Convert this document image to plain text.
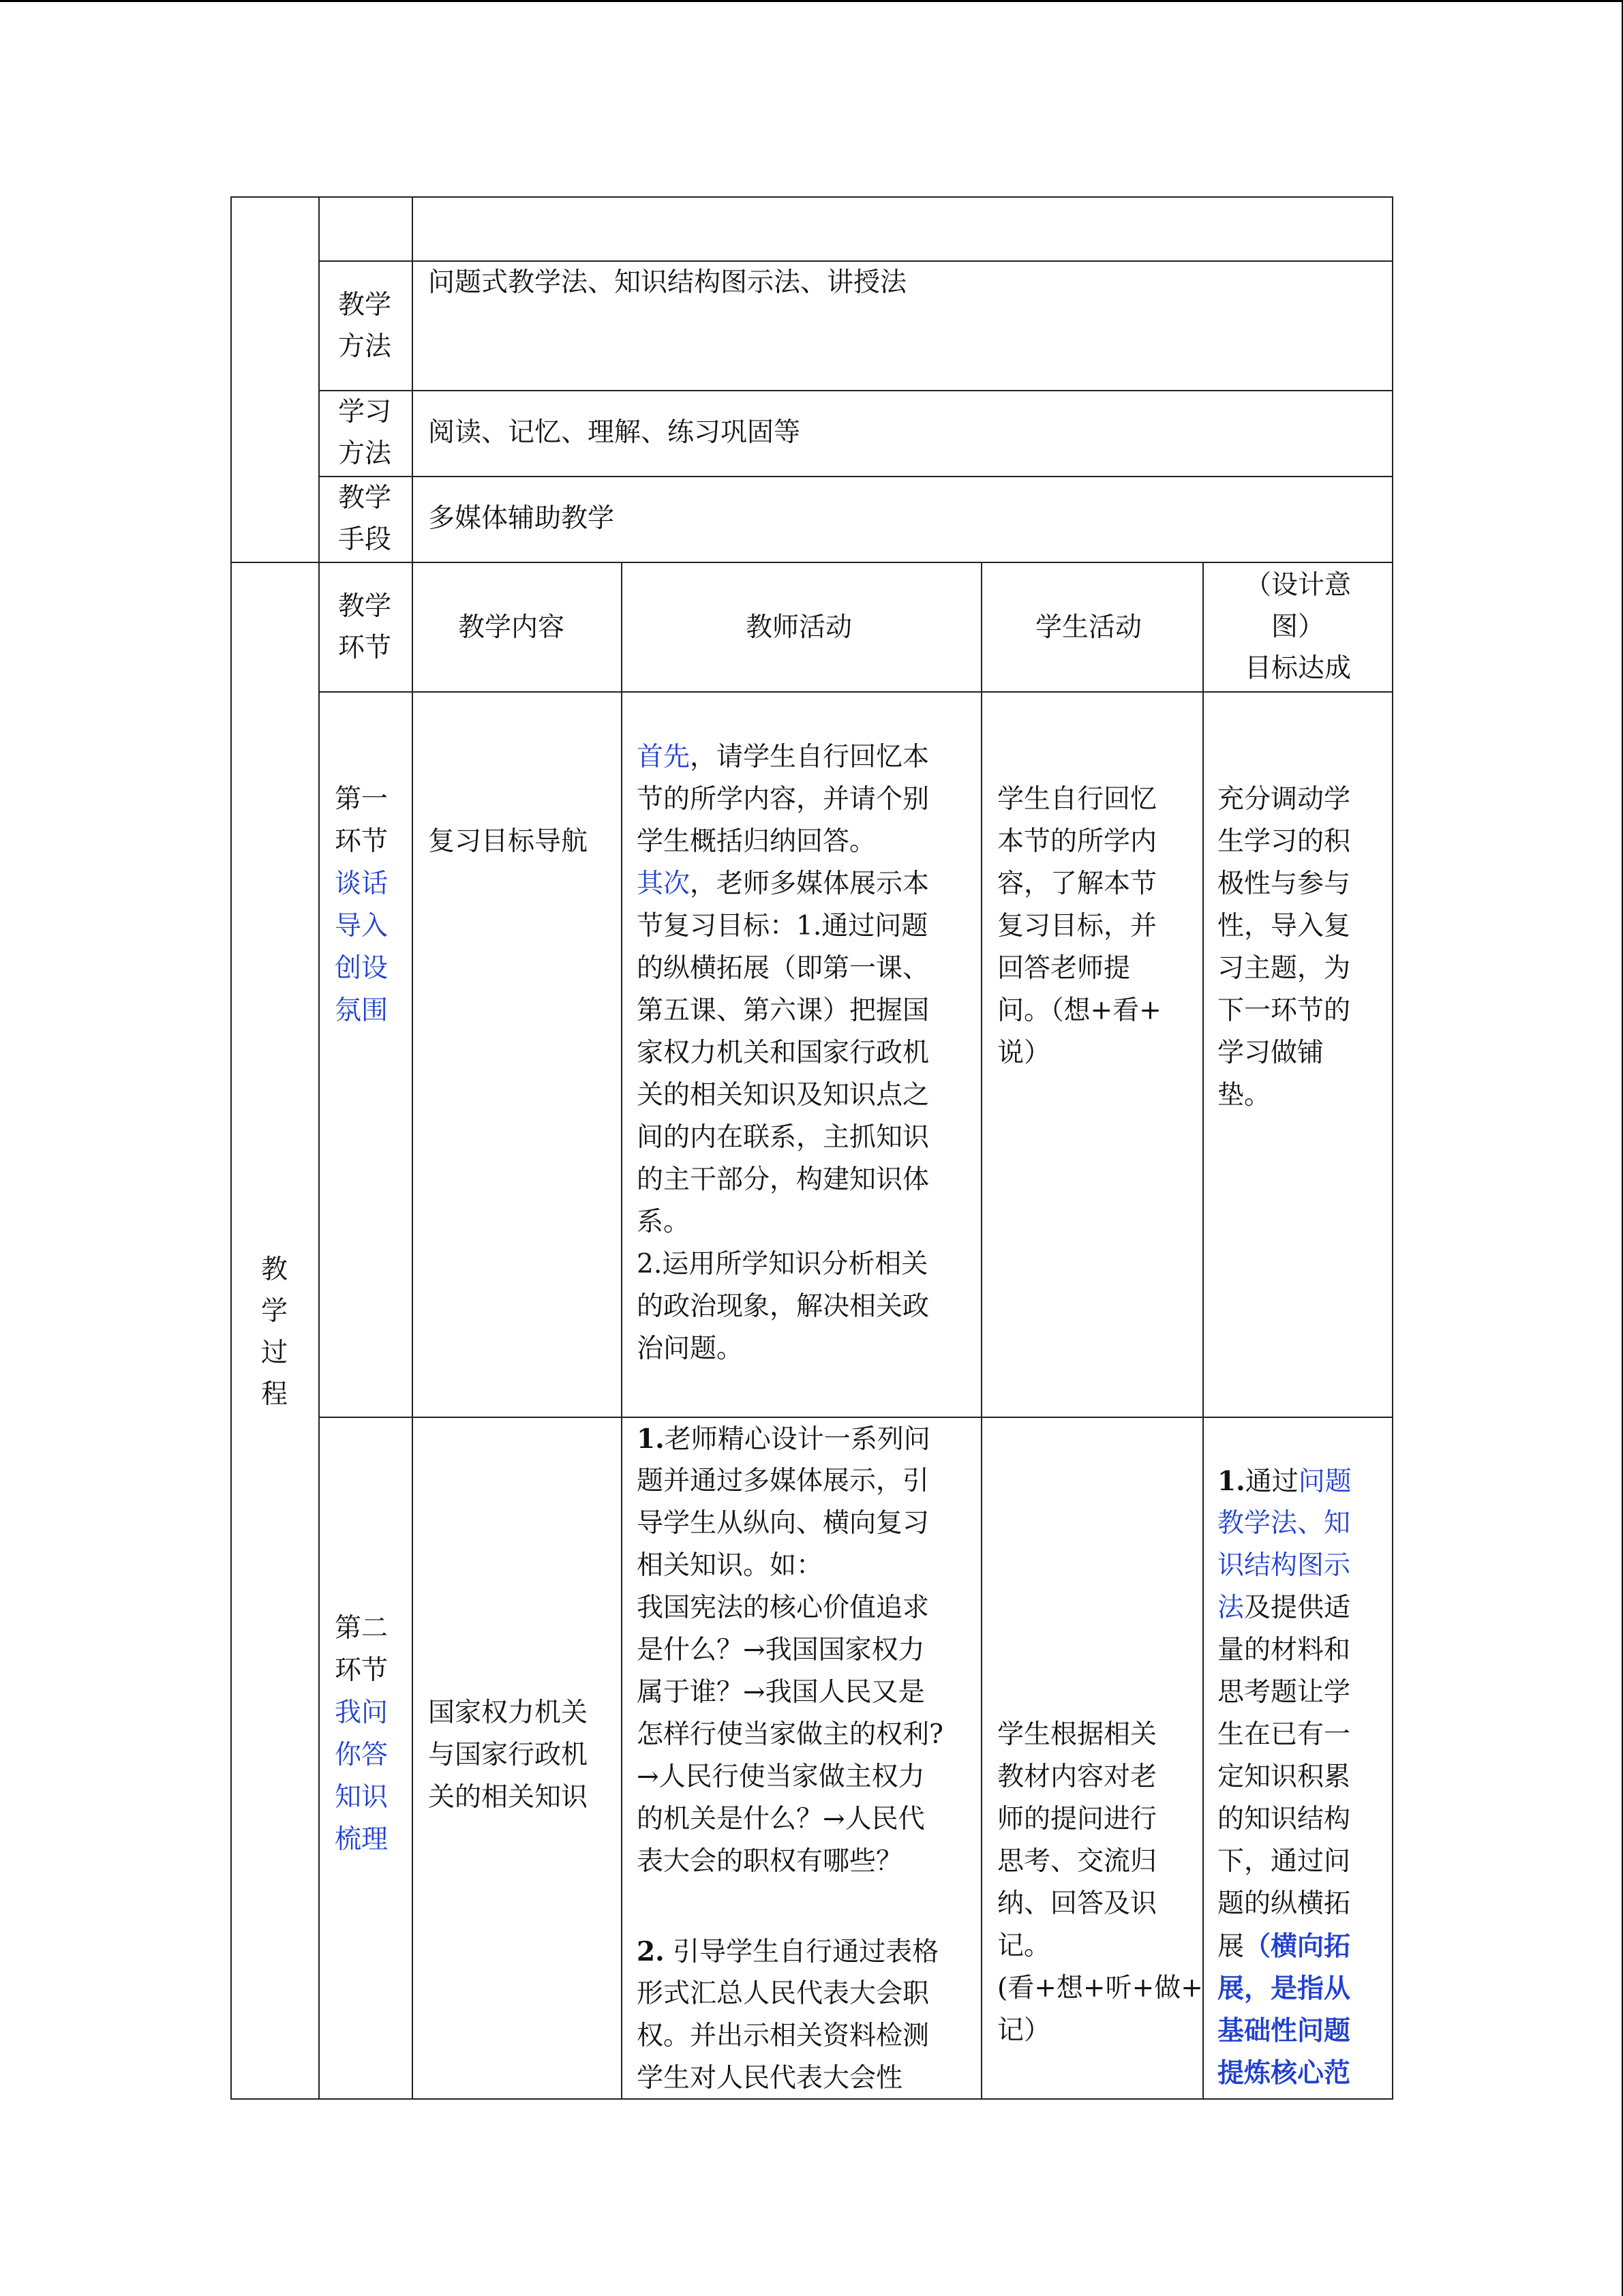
教学
方法
问题式教学法、知识结构图示法、讲授法
学习
方法
阅读、记忆、理解、练习巩固等
教学
手段
多媒体辅助教学
教
学
过
程
教学
环节
教学内容	教师活动	学生活动
（设计意
图）
目标达成
第一
环节
谈话
导入
创设
氛围
复习目标导航
首先，请学生自行回忆本
节的所学内容，并请个别
学生概括归纳回答。
其次，老师多媒体展示本
节复习目标：1.通过问题
的纵横拓展（即第一课、
第五课、第六课）把握国
家权力机关和国家行政机
关的相关知识及知识点之
间的内在联系，主抓知识
的主干部分，构建知识体
系。
2.运用所学知识分析相关
的政治现象，解决相关政
治问题。
学生自行回忆
本节的所学内
容，了解本节
复习目标，并
回答老师提
问。（想+看+
说）
充分调动学
生学习的积
极性与参与
性，导入复
习主题，为
下一环节的
学习做铺
垫。
第二
环节
我问
你答
知识
梳理
国家权力机关
与国家行政机
关的相关知识
1.老师精心设计一系列问
题并通过多媒体展示，引
导学生从纵向、横向复习
相关知识。如：
我国宪法的核心价值追求
是什么？→我国国家权力
属于谁？→我国人民又是
怎样行使当家做主的权利?
→人民行使当家做主权力
的机关是什么？→人民代
表大会的职权有哪些？
2. 引导学生自行通过表格
形式汇总人民代表大会职
权。并出示相关资料检测
学生对人民代表大会性
学生根据相关
教材内容对老
师的提问进行
思考、交流归
纳、回答及识
记。
(看+想+听+做+
记）
1.通过问题
教学法、知
识结构图示
法及提供适
量的材料和
思考题让学
生在已有一
定知识积累
的知识结构
下，通过问
题的纵横拓
展（横向拓
展，是指从
基础性问题
提炼核心范
